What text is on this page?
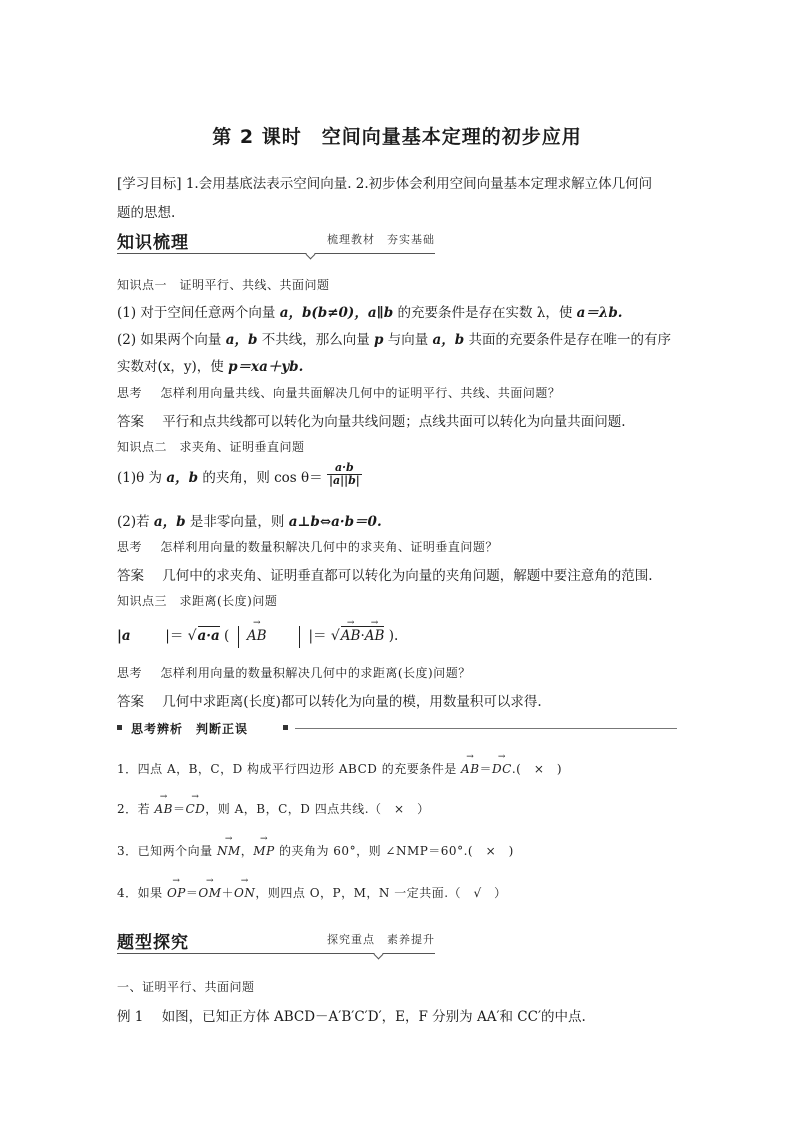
第 2 课时　空间向量基本定理的初步应用
[学习目标] 1.会用基底法表示空间向量. 2.初步体会利用空间向量基本定理求解立体几何问
题的思想.
知识梳理	梳理教材　夯实基础
知识点一　证明平行、共线、共面问题
(1) 对于空间任意两个向量 a，b(b≠0)，a∥b 的充要条件是存在实数 λ，使 a＝λb.
(2) 如果两个向量 a，b 不共线，那么向量 p 与向量 a，b 共面的充要条件是存在唯一的有序
实数对(x，y)，使 p＝xa＋yb.
思考 怎样利用向量共线、向量共面解决几何中的证明平行、共线、共面问题？
答案 平行和点共线都可以转化为向量共线问题；点线共面可以转化为向量共面问题.
知识点二　求夹角、证明垂直问题
(1)θ 为 a，b 的夹角，则 $\cos \theta= \frac{a\cdot b}{|a||b|}$
(2)若 a，b 是非零向量，则 a⊥b⇔a·b＝0.
思考 怎样利用向量的数量积解决几何中的求夹角、证明垂直问题？
答案 几何中的求夹角、证明垂直都可以转化为向量的夹角问题，解题中要注意角的范围.
知识点三　求距离(长度)问题
|a	|＝ √a·a ( ‖ → AB ‖ |＝ √→ AB·→ AB ).
思考 怎样利用向量的数量积解决几何中的求距离(长度)问题？
答案 几何中求距离(长度)都可以转化为向量的模，用数量积可以求得.
思考辨析　判断正误
1．四点 A，B，C，D 构成平行四边形 ABCD 的充要条件是 → AB＝→ DC.(　×　)
2．若 → AB＝→ CD，则 A，B，C，D 四点共线.（　×　）
3．已知两个向量 → NM，→ MP 的夹角为 60°，则 ∠NMP＝60°.(　×　)
4．如果 → OP＝→ OM＋→ ON，则四点 O，P，M，N 一定共面.（　√　）
题型探究	探究重点　素养提升
一、证明平行、共面问题
例 1 如图，已知正方体 ABCD－A′B′C′D′，E，F 分别为 AA′和 CC′的中点.
